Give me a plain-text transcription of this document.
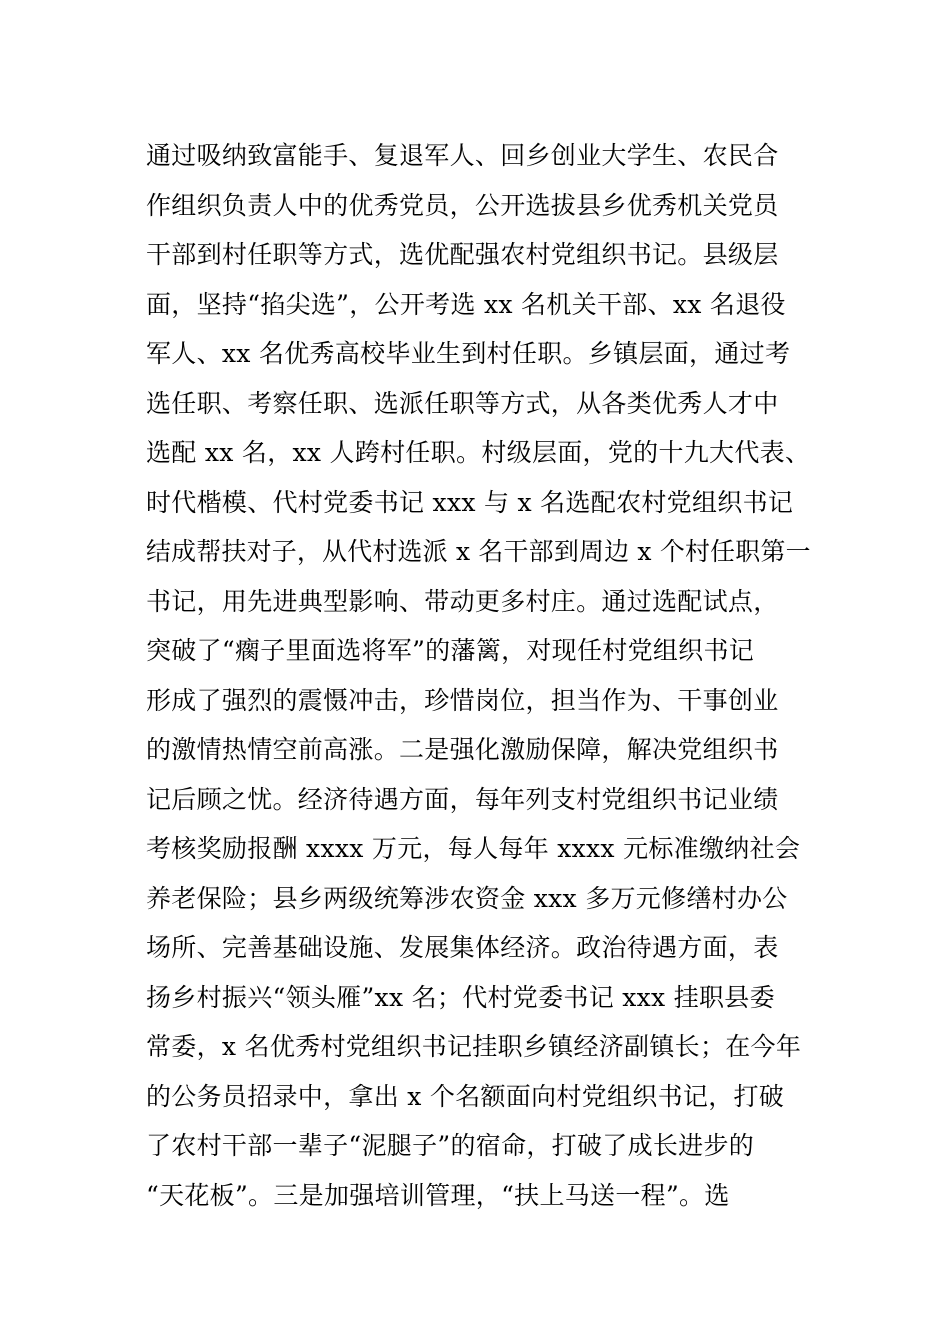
通过吸纳致富能手、复退军人、回乡创业大学生、农民合
作组织负责人中的优秀党员，公开选拔县乡优秀机关党员
干部到村任职等方式，选优配强农村党组织书记。县级层
面，坚持“掐尖选”，公开考选 xx 名机关干部、xx 名退役
军人、xx 名优秀高校毕业生到村任职。乡镇层面，通过考
选任职、考察任职、选派任职等方式，从各类优秀人才中
选配 xx 名，xx 人跨村任职。村级层面，党的十九大代表、
时代楷模、代村党委书记 xxx 与 x 名选配农村党组织书记
结成帮扶对子，从代村选派 x 名干部到周边 x 个村任职第一
书记，用先进典型影响、带动更多村庄。通过选配试点，
突破了“瘸子里面选将军”的藩篱，对现任村党组织书记
形成了强烈的震慑冲击，珍惜岗位，担当作为、干事创业
的激情热情空前高涨。二是强化激励保障，解决党组织书
记后顾之忧。经济待遇方面，每年列支村党组织书记业绩
考核奖励报酬 xxxx 万元，每人每年 xxxx 元标准缴纳社会
养老保险；县乡两级统筹涉农资金 xxx 多万元修缮村办公
场所、完善基础设施、发展集体经济。政治待遇方面，表
扬乡村振兴“领头雁”xx 名；代村党委书记 xxx 挂职县委
常委，x 名优秀村党组织书记挂职乡镇经济副镇长；在今年
的公务员招录中，拿出 x 个名额面向村党组织书记，打破
了农村干部一辈子“泥腿子”的宿命，打破了成长进步的
“天花板”。三是加强培训管理，“扶上马送一程”。选
